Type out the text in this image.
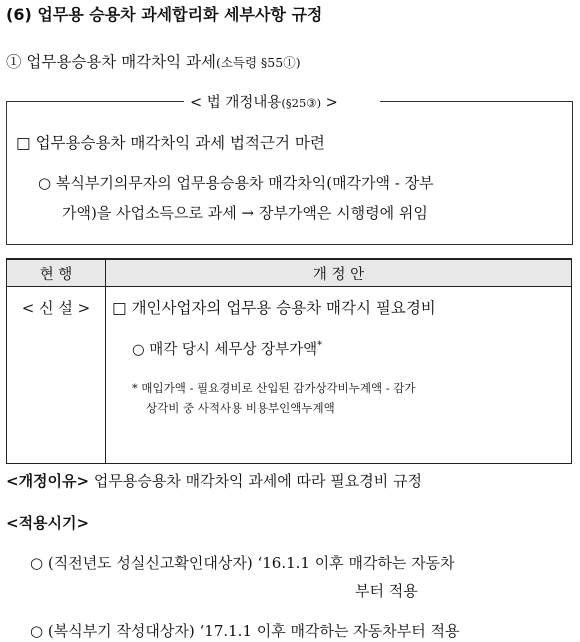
(6) 업무용 승용차 과세합리화 세부사항 규정
① 업무용승용차 매각차익 과세(소득령 §55①)
< 법 개정내용(§25③) >
□ 업무용승용차 매각차익 과세 법적근거 마련
○ 복식부기의무자의 업무용승용차 매각차익(매각가액 - 장부
가액)을 사업소득으로 과세 → 장부가액은 시행령에 위임
현 행	개 정 안

< 신 설 >	□ 개인사업자의 업무용 승용차 매각시 필요경비
○ 매각 당시 세무상 장부가액*
* 매입가액 - 필요경비로 산입된 감가상각비누계액 - 감가
상각비 중 사적사용 비용부인액누계액
<개정이유> 업무용승용차 매각차익 과세에 따라 필요경비 규정
<적용시기>
○ (직전년도 성실신고확인대상자) ‘16.1.1 이후 매각하는 자동차
부터 적용
○ (복식부기 작성대상자) ‘17.1.1 이후 매각하는 자동차부터 적용
